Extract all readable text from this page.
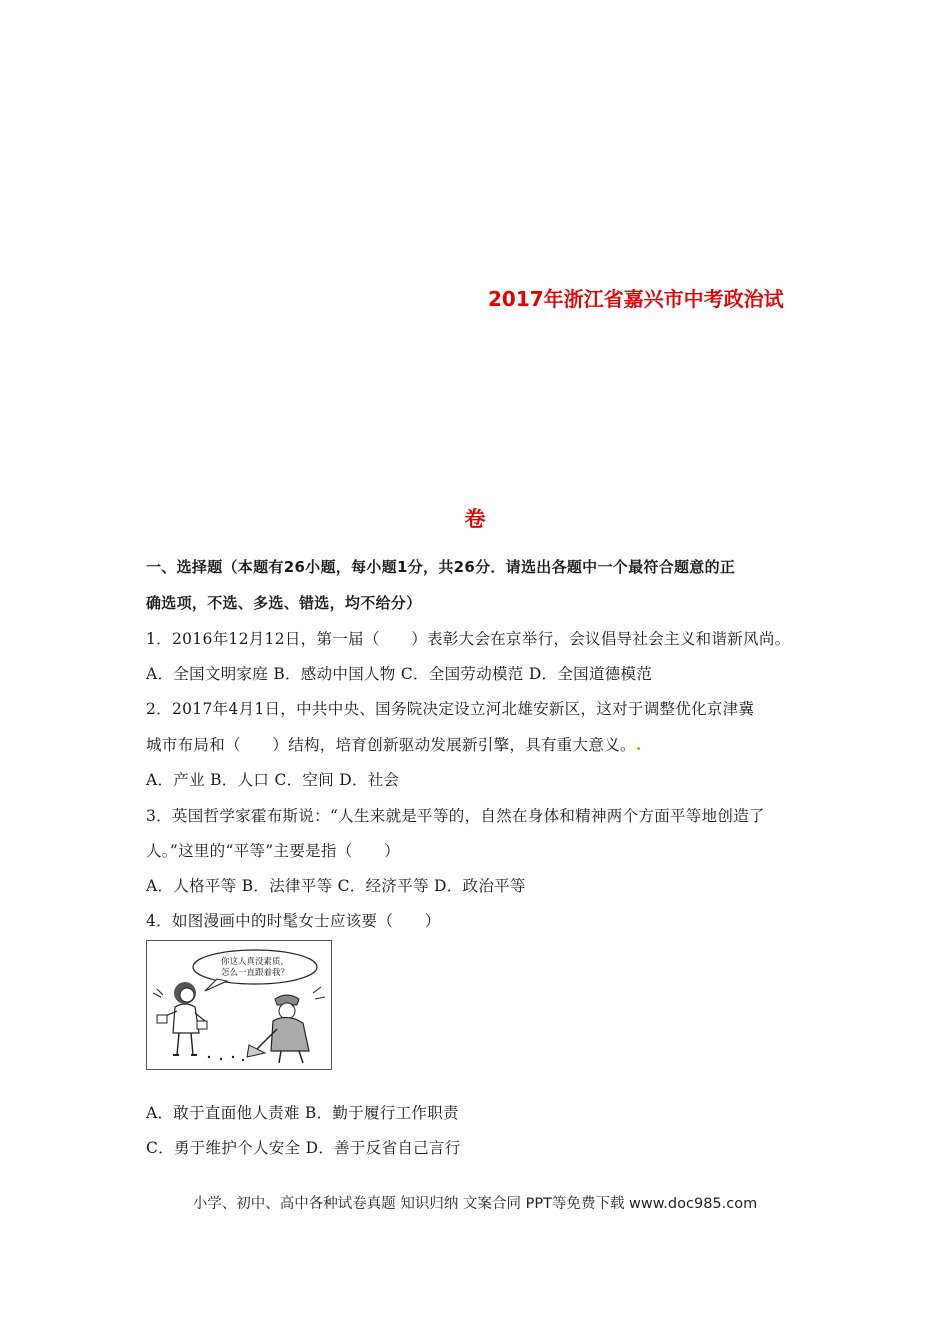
2017年浙江省嘉兴市中考政治试
卷
一、选择题（本题有26小题，每小题1分，共26分．请选出各题中一个最符合题意的正
确选项，不选、多选、错选，均不给分）
1．2016年12月12日，第一届（　　）表彰大会在京举行，会议倡导社会主义和谐新风尚。
A．全国文明家庭 B．感动中国人物 C．全国劳动模范 D．全国道德模范
2．2017年4月1日，中共中央、国务院决定设立河北雄安新区，这对于调整优化京津冀
城市布局和（　　）结构，培育创新驱动发展新引擎，具有重大意义。.
A．产业 B．人口 C．空间 D．社会
3．英国哲学家霍布斯说：“人生来就是平等的，自然在身体和精神两个方面平等地创造了
人。”这里的“平等”主要是指（　　）
A．人格平等 B．法律平等 C．经济平等 D．政治平等
4．如图漫画中的时髦女士应该要（　　）
你这人真没素质，
怎么一直跟着我？
A．敢于直面他人责难 B．勤于履行工作职责
C．勇于维护个人安全 D．善于反省自己言行
小学、初中、高中各种试卷真题 知识归纳 文案合同 PPT等免费下载 www.doc985.com
